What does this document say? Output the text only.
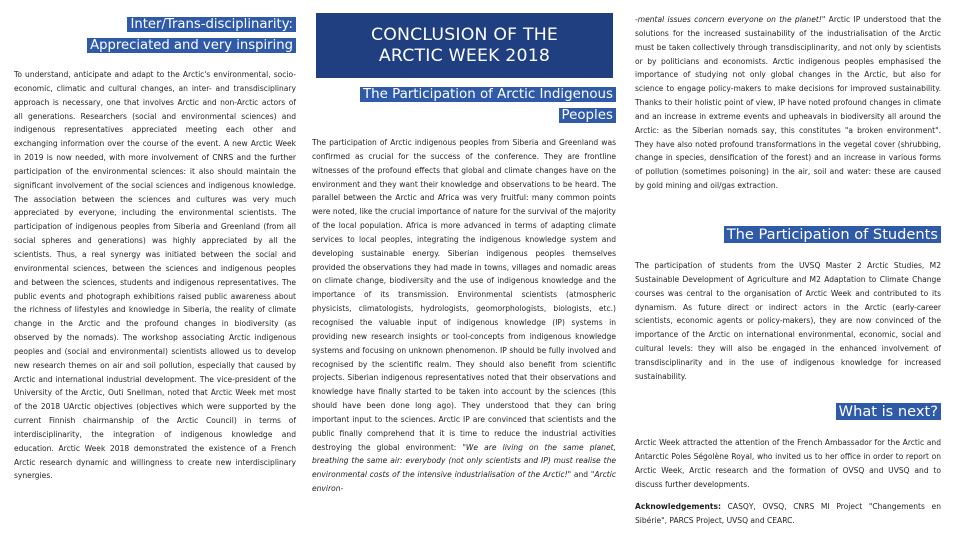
Inter/Trans-disciplinarity:
Appreciated and very inspiring

To understand, anticipate and adapt to the Arctic's environmental, socio-economic, climatic and cultural changes, an inter- and transdisciplinary approach is necessary, one that involves Arctic and non-Arctic actors of all generations. Researchers (social and environmental sciences) and indigenous representatives appreciated meeting each other and exchanging information over the course of the event. A new Arctic Week in 2019 is now needed, with more involvement of CNRS and the further participation of the environmental sciences: it also should maintain the significant involvement of the social sciences and indigenous knowledge. The association between the sciences and cultures was very much appreciated by everyone, including the environmental scientists. The participation of indigenous peoples from Siberia and Greenland (from all social spheres and generations) was highly appreciated by all the scientists. Thus, a real synergy was initiated between the social and environmental sciences, between the sciences and indigenous peoples and between the sciences, students and indigenous representatives. The public events and photograph exhibitions raised public awareness about the richness of lifestyles and knowledge in Siberia, the reality of climate change in the Arctic and the profound changes in biodiversity (as observed by the nomads). The workshop associating Arctic indigenous peoples and (social and environmental) scientists allowed us to develop new research themes on air and soil pollution, especially that caused by Arctic and international industrial development. The vice-president of the University of the Arctic, Outi Snellman, noted that Arctic Week met most of the 2018 UArctic objectives (objectives which were supported by the current Finnish chairmanship of the Arctic Council) in terms of interdisciplinarity, the integration of indigenous knowledge and education. Arctic Week 2018 demonstrated the existence of a French Arctic research dynamic and willingness to create new interdisciplinary synergies.

CONCLUSION OF THE
ARCTIC WEEK 2018
The Participation of Arctic Indigenous
Peoples

The participation of Arctic indigenous peoples from Siberia and Greenland was confirmed as crucial for the success of the conference. They are frontline witnesses of the profound effects that global and climate changes have on the environment and they want their knowledge and observations to be heard. The parallel between the Arctic and Africa was very fruitful: many common points were noted, like the crucial importance of nature for the survival of the majority of the local population. Africa is more advanced in terms of adapting climate services to local peoples, integrating the indigenous knowledge system and developing sustainable energy. Siberian indigenous peoples themselves provided the observations they had made in towns, villages and nomadic areas on climate change, biodiversity and the use of indigenous knowledge and the importance of its transmission. Environmental scientists (atmospheric physicists, climatologists, hydrologists, geomorphologists, biologists, etc.) recognised the valuable input of indigenous knowledge (IP) systems in providing new research insights or tool-concepts from indigenous knowledge systems and focusing on unknown phenomenon. IP should be fully involved and recognised by the scientific realm. They should also benefit from scientific projects. Siberian indigenous representatives noted that their observations and knowledge have finally started to be taken into account by the sciences (this should have been done long ago). They understood that they can bring important input to the sciences. Arctic IP are convinced that scientists and the public finally comprehend that it is time to reduce the industrial activities destroying the global environment: "We are living on the same planet, breathing the same air: everybody (not only scientists and IP) must realise the environmental costs of the intensive industrialisation of the Arctic!" and "Arctic environ-

-mental issues concern everyone on the planet!" Arctic IP understood that the solutions for the increased sustainability of the industrialisation of the Arctic must be taken collectively through transdisciplinarity, and not only by scientists or by politicians and economists. Arctic indigenous peoples emphasised the importance of studying not only global changes in the Arctic, but also for science to engage policy-makers to make decisions for improved sustainability. Thanks to their holistic point of view, IP have noted profound changes in climate and an increase in extreme events and upheavals in biodiversity all around the Arctic: as the Siberian nomads say, this constitutes "a broken environment". They have also noted profound transformations in the vegetal cover (shrubbing, change in species, densification of the forest) and an increase in various forms of pollution (sometimes poisoning) in the air, soil and water: these are caused by gold mining and oil/gas extraction.

The Participation of Students

The participation of students from the UVSQ Master 2 Arctic Studies, M2 Sustainable Development of Agriculture and M2 Adaptation to Climate Change courses was central to the organisation of Arctic Week and contributed to its dynamism. As future direct or indirect actors in the Arctic (early-career scientists, economic agents or policy-makers), they are now convinced of the importance of the Arctic on international environmental, economic, social and cultural levels: they will also be engaged in the enhanced involvement of transdisciplinarity and in the use of indigenous knowledge for increased sustainability.

What is next?

Arctic Week attracted the attention of the French Ambassador for the Arctic and Antarctic Poles Ségolène Royal, who invited us to her office in order to report on Arctic Week, Arctic research and the formation of OVSQ and UVSQ and to discuss further developments.

Acknowledgements: CASQY, OVSQ, CNRS MI Project "Changements en Sibérie", PARCS Project, UVSQ and CEARC.
